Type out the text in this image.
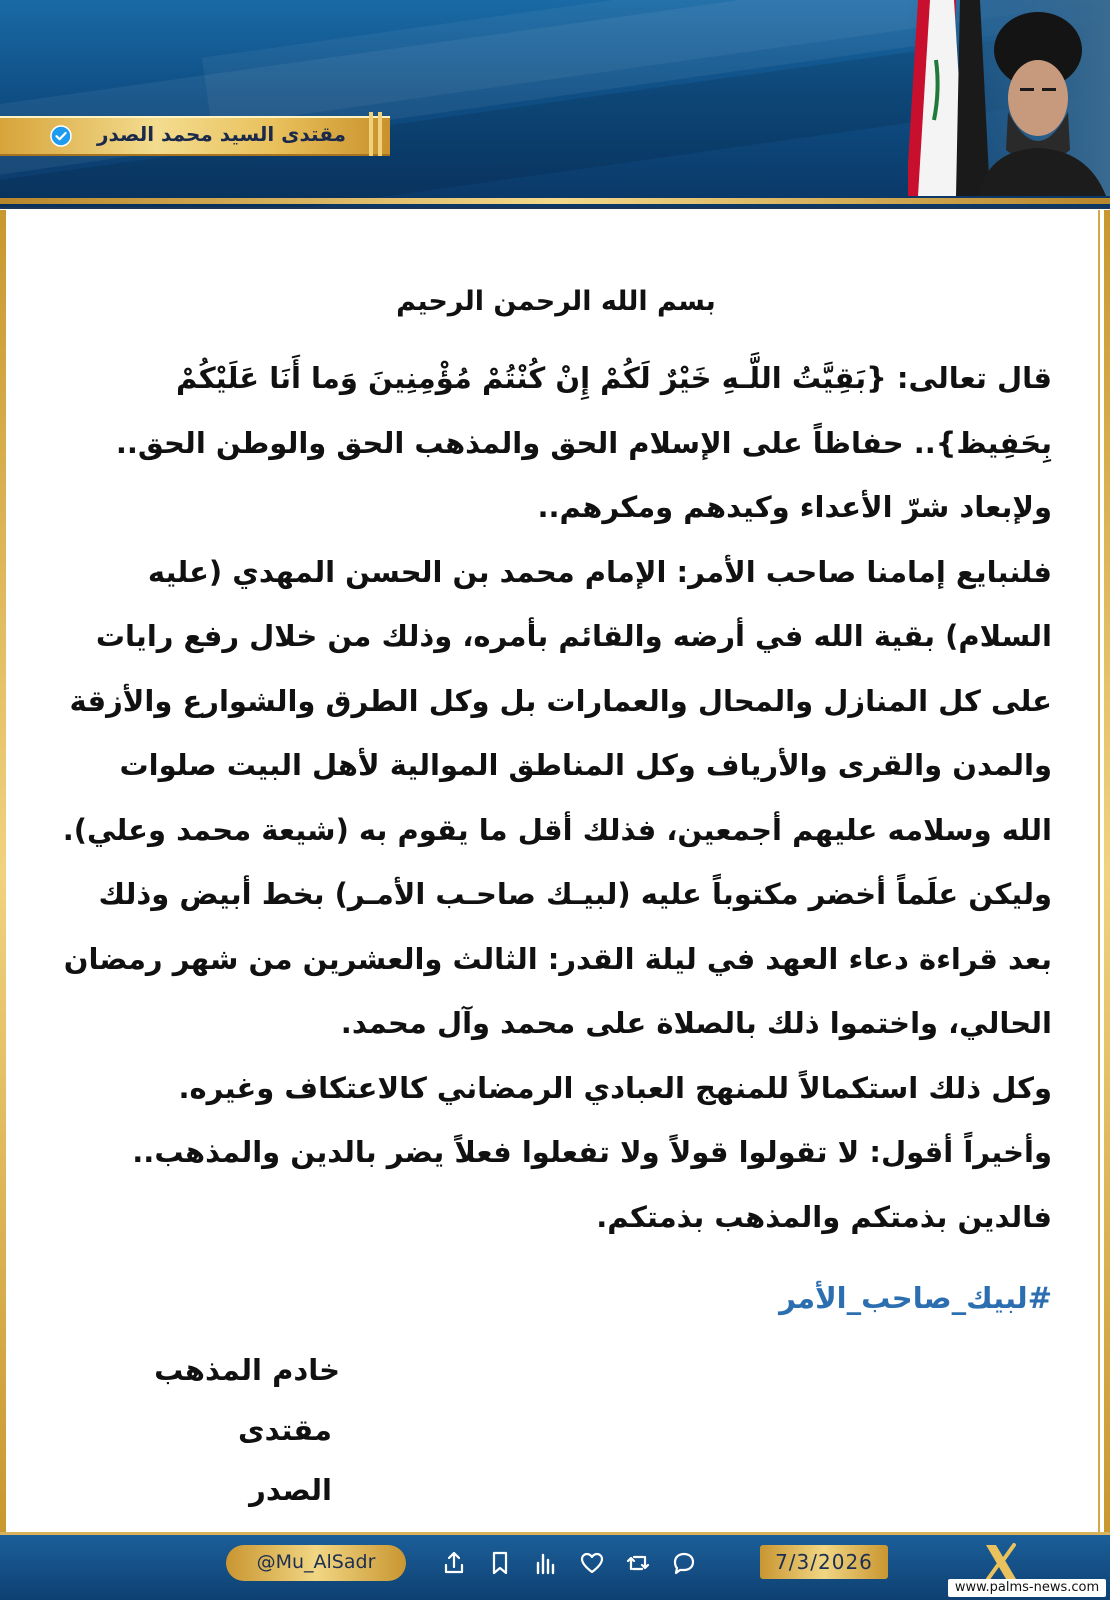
مقتدى السيد محمد الصدر
بسم الله الرحمن الرحيم

قال تعالى: {بَقِيَّتُ اللَّـهِ خَيْرٌ لَكُمْ إِنْ كُنْتُمْ مُؤْمِنِينَ وَما أَنَا عَلَيْكُمْ بِحَفِيظ}.. حفاظاً على الإسلام الحق والمذهب الحق والوطن الحق.. ولإبعاد شرّ الأعداء وكيدهم ومكرهم..

فلنبايع إمامنا صاحب الأمر: الإمام محمد بن الحسن المهدي (عليه السلام) بقية الله في أرضه والقائم بأمره، وذلك من خلال رفع رايات على كل المنازل والمحال والعمارات بل وكل الطرق والشوارع والأزقة والمدن والقرى والأرياف وكل المناطق الموالية لأهل البيت صلوات الله وسلامه عليهم أجمعين، فذلك أقل ما يقوم به (شيعة محمد وعلي).

وليكن علَماً أخضر مكتوباً عليه (لبيـك صاحـب الأمـر) بخط أبيض وذلك بعد قراءة دعاء العهد في ليلة القدر: الثالث والعشرين من شهر رمضان الحالي، واختموا ذلك بالصلاة على محمد وآل محمد.

وكل ذلك استكمالاً للمنهج العبادي الرمضاني كالاعتكاف وغيره.

وأخيراً أقول: لا تقولوا قولاً ولا تفعلوا فعلاً يضر بالدين والمذهب.. فالدين بذمتكم والمذهب بذمتكم.

#لبيك_صاحب_الأمر
خادم المذهب
مقتدى الصدر
@Mu_AlSadr	7/3/2026
www.palms-news.com
